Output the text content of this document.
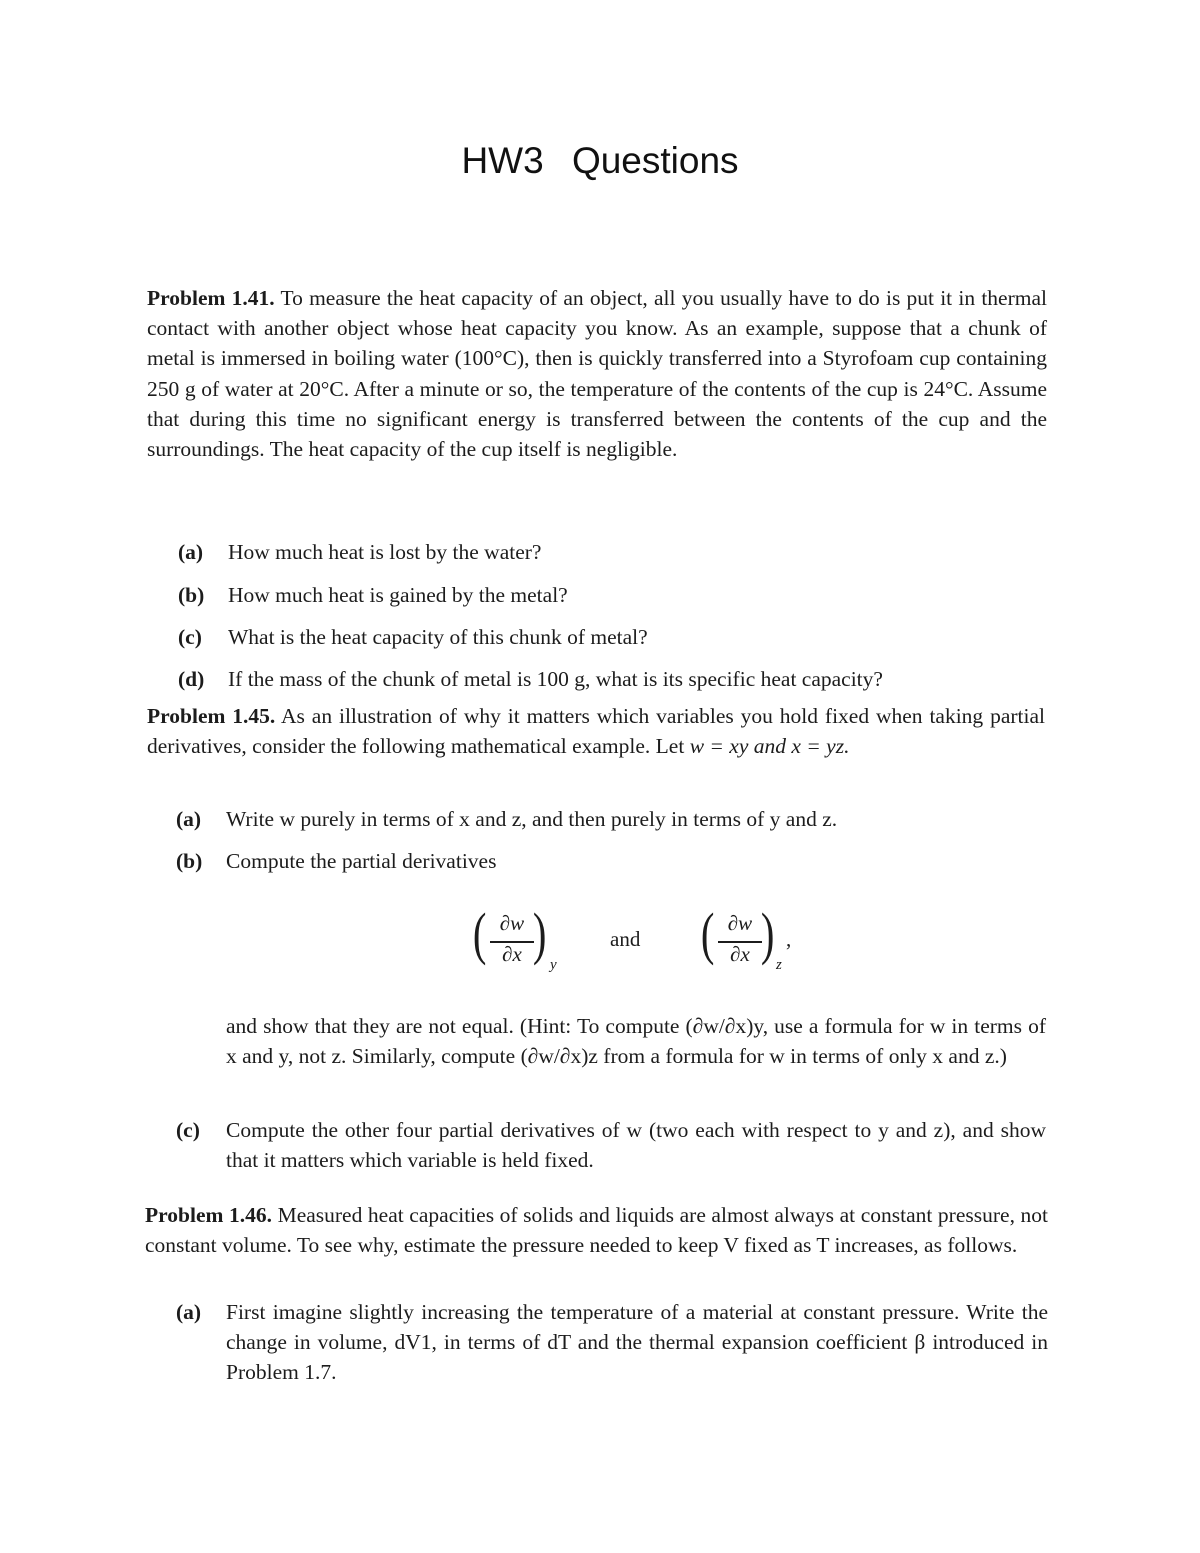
HW3 Questions

Problem 1.41. To measure the heat capacity of an object, all you usually have to do is put it in thermal contact with another object whose heat capacity you know. As an example, suppose that a chunk of metal is immersed in boiling water (100°C), then is quickly transferred into a Styrofoam cup containing 250 g of water at 20°C. After a minute or so, the temperature of the contents of the cup is 24°C. Assume that during this time no significant energy is transferred between the contents of the cup and the surroundings. The heat capacity of the cup itself is negligible.

(a) How much heat is lost by the water?
(b) How much heat is gained by the metal?
(c) What is the heat capacity of this chunk of metal?
(d) If the mass of the chunk of metal is 100 g, what is its specific heat capacity?

Problem 1.45. As an illustration of why it matters which variables you hold fixed when taking partial derivatives, consider the following mathematical example. Let w = xy and x = yz.

(a) Write w purely in terms of x and z, and then purely in terms of y and z.
(b) Compute the partial derivatives
( ∂w
∂x ) y
and ( ∂w
∂x ) z
,

and show that they are not equal. (Hint: To compute (∂w/∂x)y, use a formula for w in terms of x and y, not z. Similarly, compute (∂w/∂x)z from a formula for w in terms of only x and z.)

(c) Compute the other four partial derivatives of w (two each with respect to y and z), and show that it matters which variable is held fixed.

Problem 1.46. Measured heat capacities of solids and liquids are almost always at constant pressure, not constant volume. To see why, estimate the pressure needed to keep V fixed as T increases, as follows.

(a) First imagine slightly increasing the temperature of a material at constant pressure. Write the change in volume, dV1, in terms of dT and the thermal expansion coefficient β introduced in Problem 1.7.
